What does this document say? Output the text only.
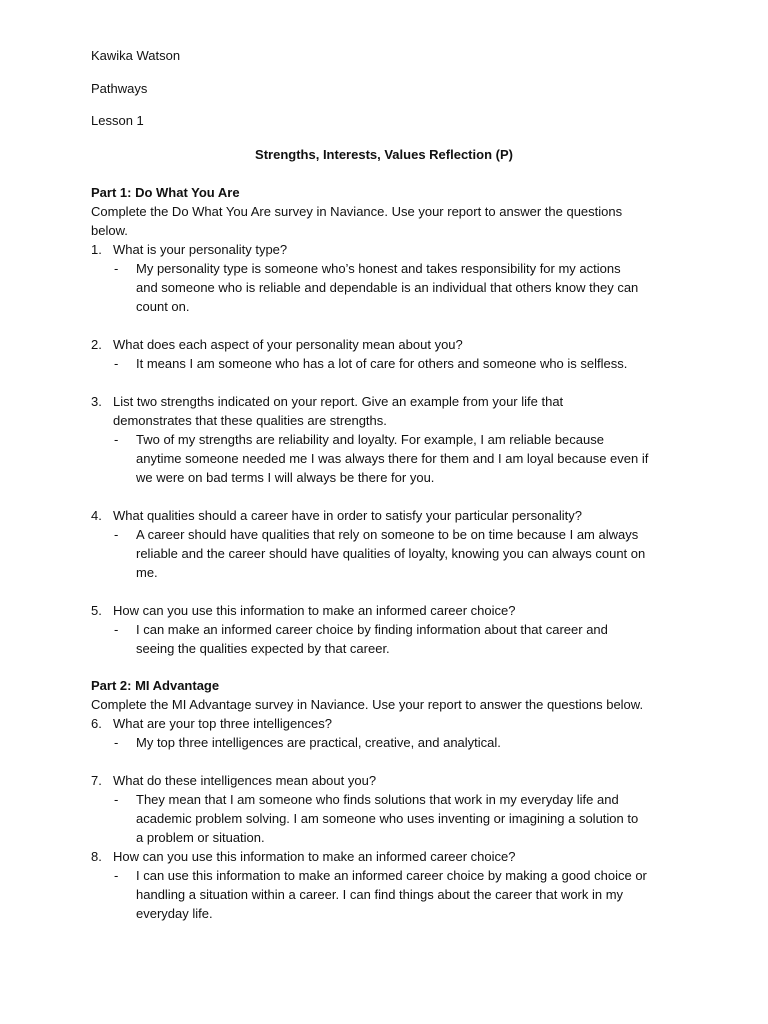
Kawika Watson
Pathways
Lesson 1
Strengths, Interests, Values Reflection (P)
Part 1: Do What You Are
Complete the Do What You Are survey in Naviance. Use your report to answer the questions
below.
1. What is your personality type?
- My personality type is someone who’s honest and takes responsibility for my actions
and someone who is reliable and dependable is an individual that others know they can
count on.
2. What does each aspect of your personality mean about you?
- It means I am someone who has a lot of care for others and someone who is selfless.
3. List two strengths indicated on your report. Give an example from your life that
demonstrates that these qualities are strengths.
- Two of my strengths are reliability and loyalty. For example, I am reliable because
anytime someone needed me I was always there for them and I am loyal because even if
we were on bad terms I will always be there for you.
4. What qualities should a career have in order to satisfy your particular personality?
- A career should have qualities that rely on someone to be on time because I am always
reliable and the career should have qualities of loyalty, knowing you can always count on
me.
5. How can you use this information to make an informed career choice?
- I can make an informed career choice by finding information about that career and
seeing the qualities expected by that career.
Part 2: MI Advantage
Complete the MI Advantage survey in Naviance. Use your report to answer the questions below.
6. What are your top three intelligences?
- My top three intelligences are practical, creative, and analytical.
7. What do these intelligences mean about you?
- They mean that I am someone who finds solutions that work in my everyday life and
academic problem solving. I am someone who uses inventing or imagining a solution to
a problem or situation.
8. How can you use this information to make an informed career choice?
- I can use this information to make an informed career choice by making a good choice or
handling a situation within a career. I can find things about the career that work in my
everyday life.
